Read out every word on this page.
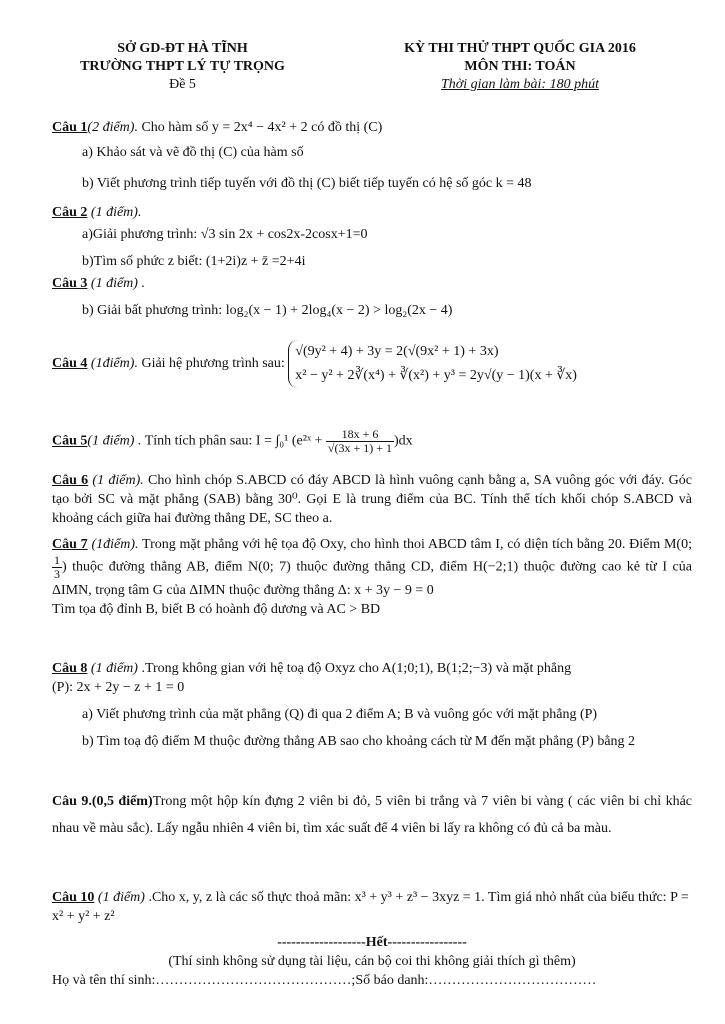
SỞ GD-ĐT HÀ TĨNH
TRƯỜNG THPT LÝ TỰ TRỌNG
Đề 5
KỲ THI THỬ THPT QUỐC GIA 2016
MÔN THI: TOÁN
Thời gian làm bài: 180 phút
Câu 1(2 điểm). Cho hàm số y = 2x⁴ − 4x² + 2 có đồ thị (C)
a) Khảo sát và vẽ đồ thị (C) của hàm số
b) Viết phương trình tiếp tuyến với đồ thị (C) biết tiếp tuyến có hệ số góc k = 48
Câu 2 (1 điểm).
a)Giải phương trình: √3 sin 2x + cos2x-2cosx+1=0
b)Tìm số phức z biết: (1+2i)z + z̄ =2+4i
Câu 3 (1 điểm) .
b) Giải bất phương trình: log₂(x − 1) + 2log₄(x − 2) > log₂(2x − 4)
Câu 4 (1điểm). Giải hệ phương trình sau:
√(9y² + 4) + 3y = 2(√(9x² + 1) + 3x)
x² − y² + 2∛(x⁴) + ∛(x²) + y³ = 2y√(y − 1)(x + ∛x)
Câu 5(1 điểm) . Tính tích phân sau: I = ∫₀¹ (e²ˣ + $\frac{18x + 6}{√(3x + 1) + 1} )dx$
Câu 6 (1 điểm). Cho hình chóp S.ABCD có đáy ABCD là hình vuông cạnh bằng a, SA vuông góc với đáy. Góc tạo bởi SC và mặt phẳng (SAB) bằng 30⁰. Gọi E là trung điểm của BC. Tính thể tích khối chóp S.ABCD và khoảng cách giữa hai đường thẳng DE, SC theo a.
Câu 7 (1điểm). Trong mặt phẳng với hệ tọa độ Oxy, cho hình thoi ABCD tâm I, có diện tích bằng 20. Điểm M(0;
$\frac{1}{3}$ ) thuộc đường thẳng AB, điểm N(0; 7) thuộc đường thẳng CD, điểm H(−2;1) thuộc đường cao kẻ từ I của ΔIMN, trọng tâm G của ΔIMN thuộc đường thẳng Δ: x + 3y − 9 = 0
Tìm tọa độ đỉnh B, biết B có hoành độ dương và AC > BD
Câu 8 (1 điểm) .Trong không gian với hệ toạ độ Oxyz cho A(1;0;1), B(1;2;−3) và mặt phẳng
(P): 2x + 2y − z + 1 = 0
a) Viết phương trình của mặt phẳng (Q) đi qua 2 điểm A; B và vuông góc với mặt phẳng (P)
b) Tìm toạ độ điểm M thuộc đường thẳng AB sao cho khoảng cách từ M đến mặt phẳng (P) bằng 2
Câu 9.(0,5 điểm)Trong một hộp kín đựng 2 viên bi đỏ, 5 viên bi trắng và 7 viên bi vàng ( các viên bi chỉ khác nhau về màu sắc). Lấy ngẫu nhiên 4 viên bi, tìm xác suất để 4 viên bi lấy ra không có đủ cả ba màu.
Câu 10 (1 điểm) .Cho x, y, z là các số thực thoả mãn: x³ + y³ + z³ − 3xyz = 1. Tìm giá nhỏ nhất của biểu thức: P = x² + y² + z²
-------------------Hết-----------------
(Thí sinh không sử dụng tài liệu, cán bộ coi thi không giải thích gì thêm)
Họ và tên thí sinh:……………………………………;Số báo danh:………………………………
